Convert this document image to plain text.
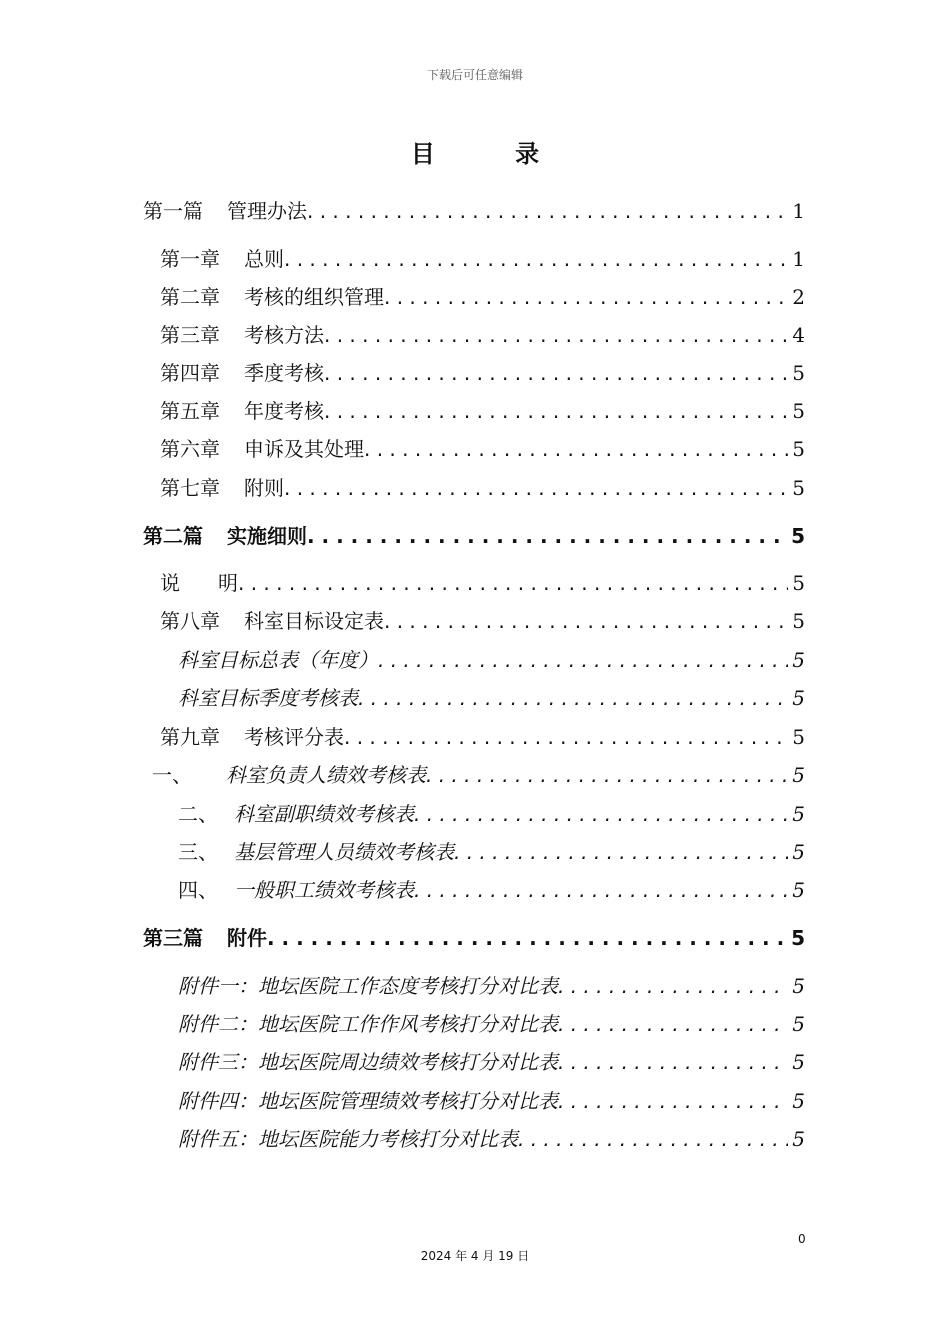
下载后可任意编辑
目 录
第一篇 管理办法 . . .	1
第一章 总则 . . .	1
第二章 考核的组织管理 . . .	2
第三章 考核方法 . . .	4
第四章 季度考核 . . .	5
第五章 年度考核 . . .	5
第六章 申诉及其处理 . . .	5
第七章 附则 . . .	5
第二篇 实施细则 . . .	5
说 明 . . .	5
第八章 科室目标设定表 . . .	5
科室目标总表（年度） . . .	5
科室目标季度考核表 . . .	5
第九章 考核评分表 . . .	5
一、 科室负责人绩效考核表 . . .	5
二、 科室副职绩效考核表 . . .	5
三、 基层管理人员绩效考核表 . . .	5
四、 一般职工绩效考核表 . . .	5
第三篇 附件 . . .	5
附件一：地坛医院工作态度考核打分对比表 . . .	5
附件二：地坛医院工作作风考核打分对比表 . . .	5
附件三：地坛医院周边绩效考核打分对比表 . . .	5
附件四：地坛医院管理绩效考核打分对比表 . . .	5
附件五：地坛医院能力考核打分对比表 . . .	5
0
2024 年 4 月 19 日
